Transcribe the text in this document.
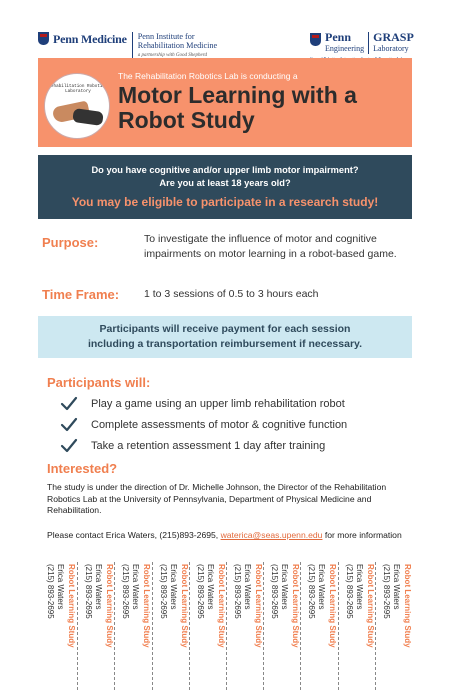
Penn Medicine Penn Institute for
Rehabilitation Medicine
a partnership with Good Shepherd
Penn
Engineering
GRASP
Laboratory
Rehabilitation Robotics Laboratory
The Rehabilitation Robotics Lab is conducting a
Motor Learning with a Robot Study
Do you have cognitive and/or upper limb motor impairment?
Are you at least 18 years old?
You may be eligible to participate in a research study!
Purpose:	To investigate the influence of motor and cognitive impairments on motor learning in a robot-based game.
Time Frame: 1 to 3 sessions of 0.5 to 3 hours each
Participants will receive payment for each session
including a transportation reimbursement if necessary.
Participants will:
Play a game using an upper limb rehabilitation robot
Complete assessments of motor & cognitive function
Take a retention assessment 1 day after training
Interested?
The study is under the direction of Dr. Michelle Johnson, the Director of the Rehabilitation Robotics Lab at the University of Pennsylvania, Department of Physical Medicine and Rehabilitation.
Please contact Erica Waters, (215)893-2695, waterica@seas.upenn.edu for more information
Robot Learning Study
Erica Waters
(215) 893-2695	Robot Learning Study
Erica Waters
(215) 893-2695	Robot Learning Study
Erica Waters
(215) 893-2695	Robot Learning Study
Erica Waters
(215) 893-2695	Robot Learning Study
Erica Waters
(215) 893-2695	Robot Learning Study
Erica Waters
(215) 893-2695	Robot Learning Study
Erica Waters
(215) 893-2695	Robot Learning Study
Erica Waters
(215) 893-2695	Robot Learning Study
Erica Waters
(215) 893-2695	Robot Learning Study
Erica Waters
(215) 893-2695
